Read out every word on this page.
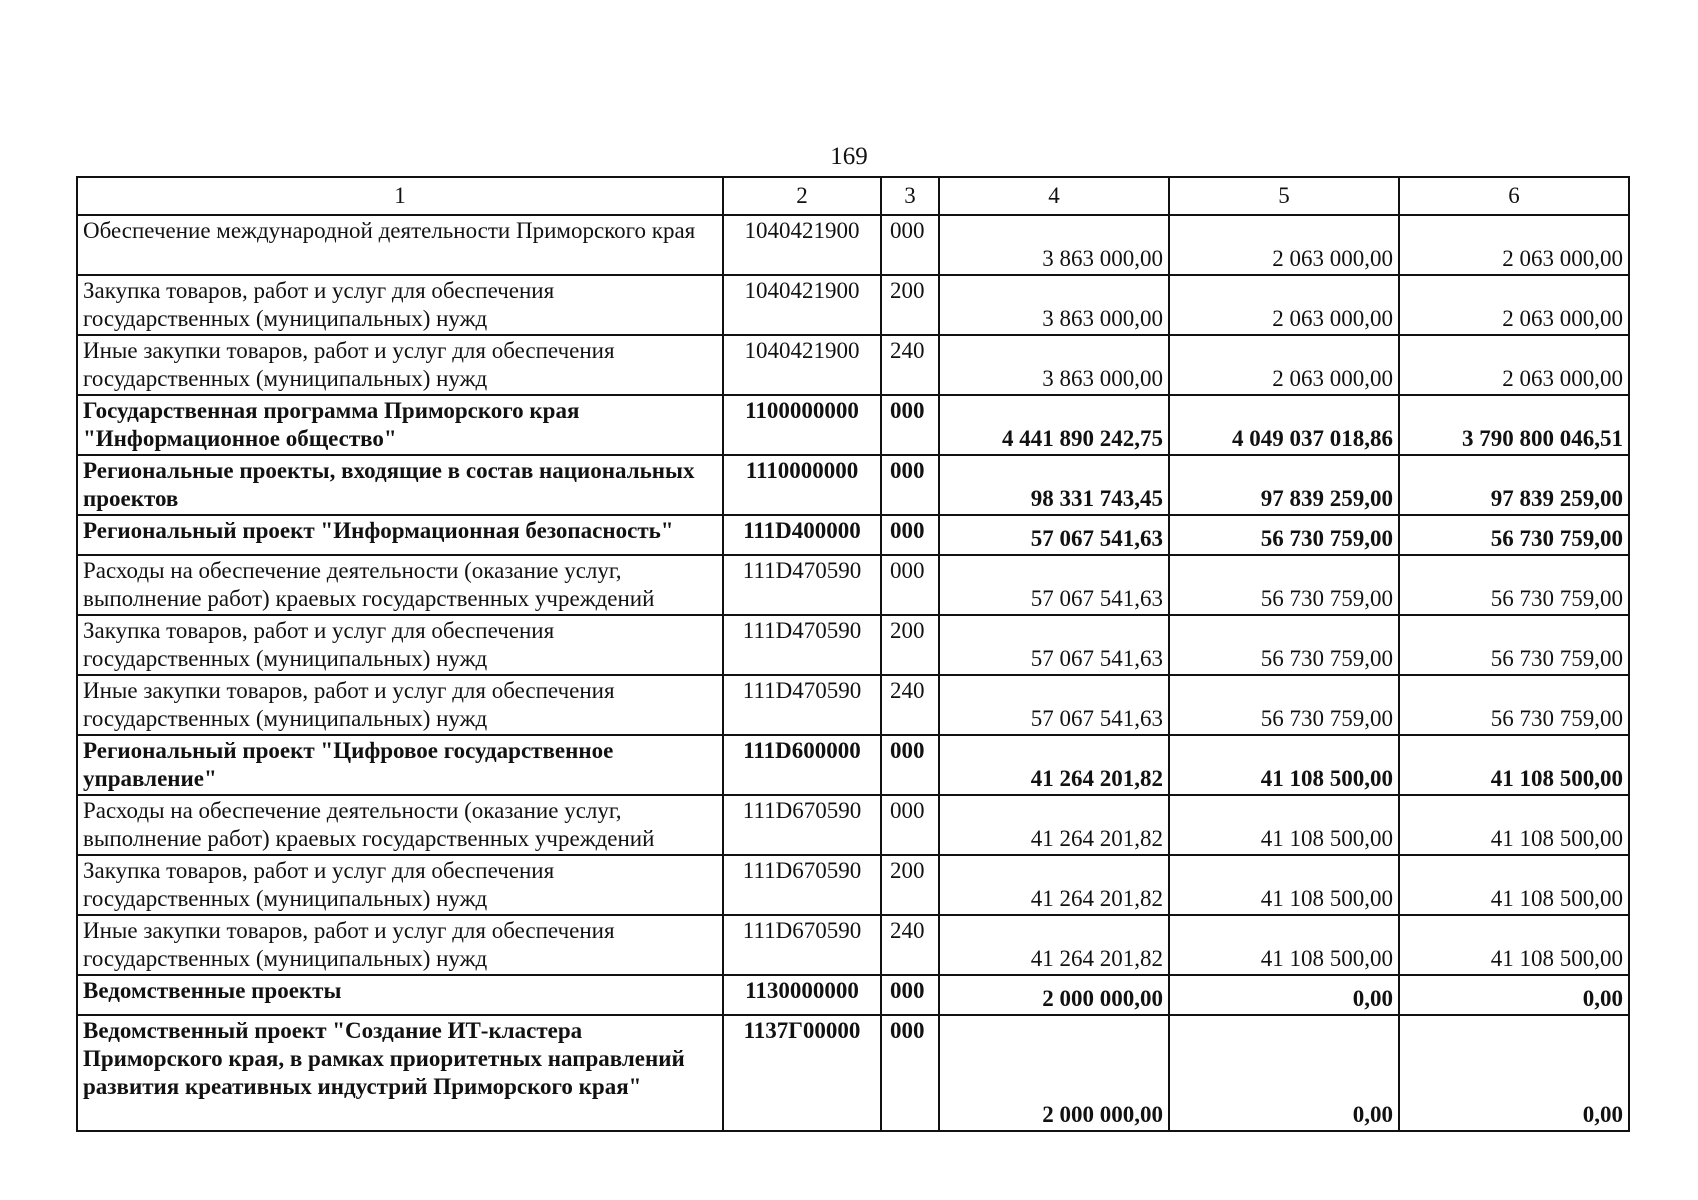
169
1	2	3	4	5	6
Обеспечение международной деятельности Приморского края	1040421900	000	3 863 000,00	2 063 000,00	2 063 000,00
Закупка товаров, работ и услуг для обеспечения государственных (муниципальных) нужд	1040421900	200	3 863 000,00	2 063 000,00	2 063 000,00
Иные закупки товаров, работ и услуг для обеспечения государственных (муниципальных) нужд	1040421900	240	3 863 000,00	2 063 000,00	2 063 000,00
Государственная программа Приморского края "Информационное общество"	1100000000	000	4 441 890 242,75	4 049 037 018,86	3 790 800 046,51
Региональные проекты, входящие в состав национальных проектов	1110000000	000	98 331 743,45	97 839 259,00	97 839 259,00
Региональный проект "Информационная безопасность"	111D400000	000	57 067 541,63	56 730 759,00	56 730 759,00
Расходы на обеспечение деятельности (оказание услуг, выполнение работ) краевых государственных учреждений	111D470590	000	57 067 541,63	56 730 759,00	56 730 759,00
Закупка товаров, работ и услуг для обеспечения государственных (муниципальных) нужд	111D470590	200	57 067 541,63	56 730 759,00	56 730 759,00
Иные закупки товаров, работ и услуг для обеспечения государственных (муниципальных) нужд	111D470590	240	57 067 541,63	56 730 759,00	56 730 759,00
Региональный проект "Цифровое государственное управление"	111D600000	000	41 264 201,82	41 108 500,00	41 108 500,00
Расходы на обеспечение деятельности (оказание услуг, выполнение работ) краевых государственных учреждений	111D670590	000	41 264 201,82	41 108 500,00	41 108 500,00
Закупка товаров, работ и услуг для обеспечения государственных (муниципальных) нужд	111D670590	200	41 264 201,82	41 108 500,00	41 108 500,00
Иные закупки товаров, работ и услуг для обеспечения государственных (муниципальных) нужд	111D670590	240	41 264 201,82	41 108 500,00	41 108 500,00
Ведомственные проекты	1130000000	000	2 000 000,00	0,00	0,00
Ведомственный проект "Создание ИТ-кластера Приморского края, в рамках приоритетных направлений развития креативных индустрий Приморского края"	1137Г00000	000	2 000 000,00	0,00	0,00
